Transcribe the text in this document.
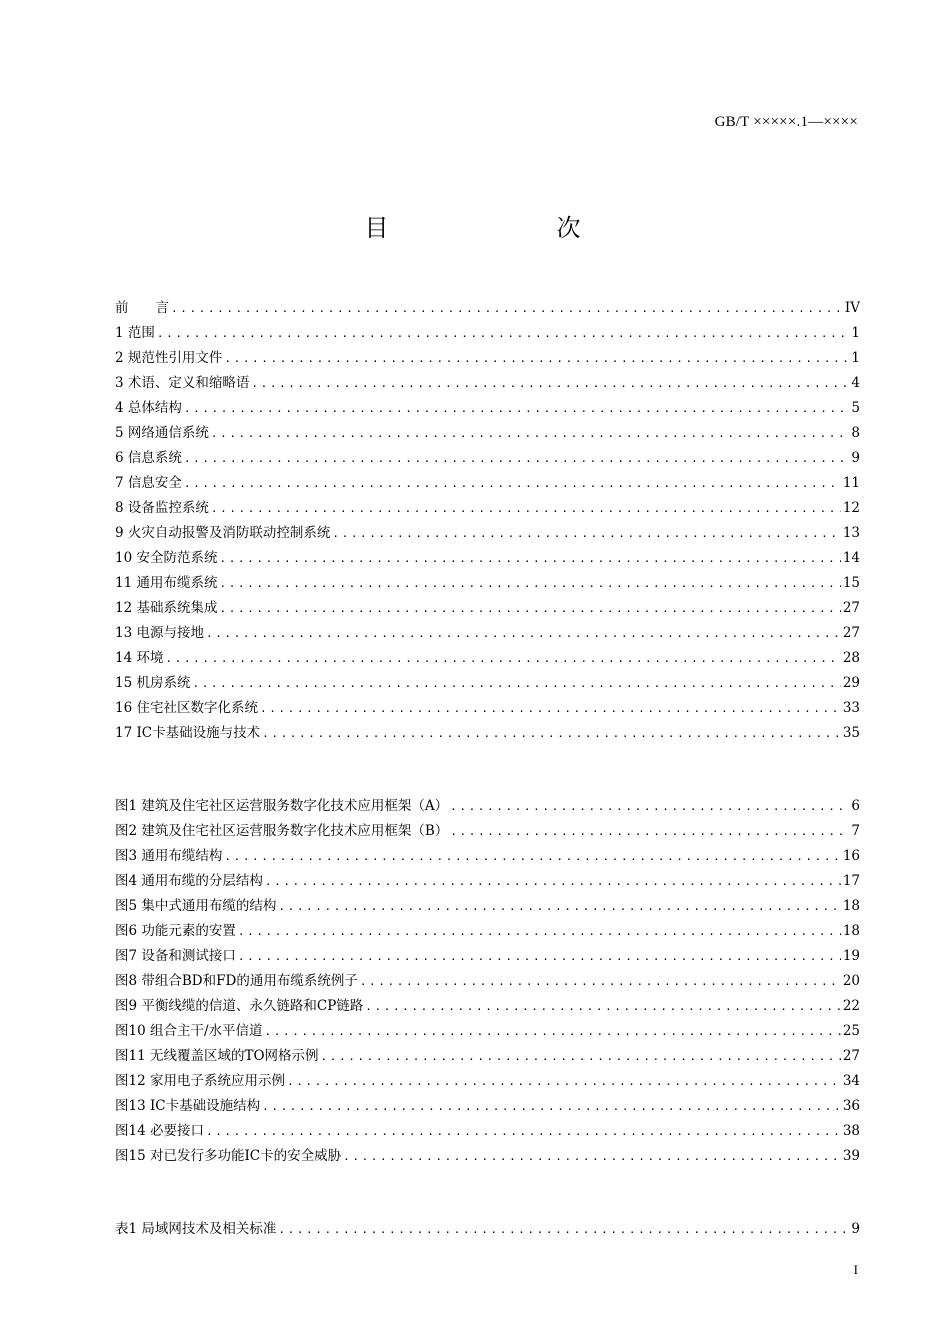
GB/T ×××××.1—××××
目　　次
前 言 .....	IV
1 范围 .....	1
2 规范性引用文件 .....	1
3 术语、定义和缩略语 .....	4
4 总体结构 .....	5
5 网络通信系统 .....	8
6 信息系统 .....	9
7 信息安全 .....	11
8 设备监控系统 .....	12
9 火灾自动报警及消防联动控制系统 .....	13
10 安全防范系统 .....	14
11 通用布缆系统 .....	15
12 基础系统集成 .....	27
13 电源与接地 .....	27
14 环境 .....	28
15 机房系统 .....	29
16 住宅社区数字化系统 .....	33
17 IC卡基础设施与技术 .....	35
图1 建筑及住宅社区运营服务数字化技术应用框架（A） .....	6
图2 建筑及住宅社区运营服务数字化技术应用框架（B） .....	7
图3 通用布缆结构 .....	16
图4 通用布缆的分层结构 .....	17
图5 集中式通用布缆的结构 .....	18
图6 功能元素的安置 .....	18
图7 设备和测试接口 .....	19
图8 带组合BD和FD的通用布缆系统例子 .....	20
图9 平衡线缆的信道、永久链路和CP链路 .....	22
图10 组合主干/水平信道 .....	25
图11 无线覆盖区域的TO网格示例 .....	27
图12 家用电子系统应用示例 .....	34
图13 IC卡基础设施结构 .....	36
图14 必要接口 .....	38
图15 对已发行多功能IC卡的安全威胁 .....	39
表1 局域网技术及相关标准 .....	9
I
